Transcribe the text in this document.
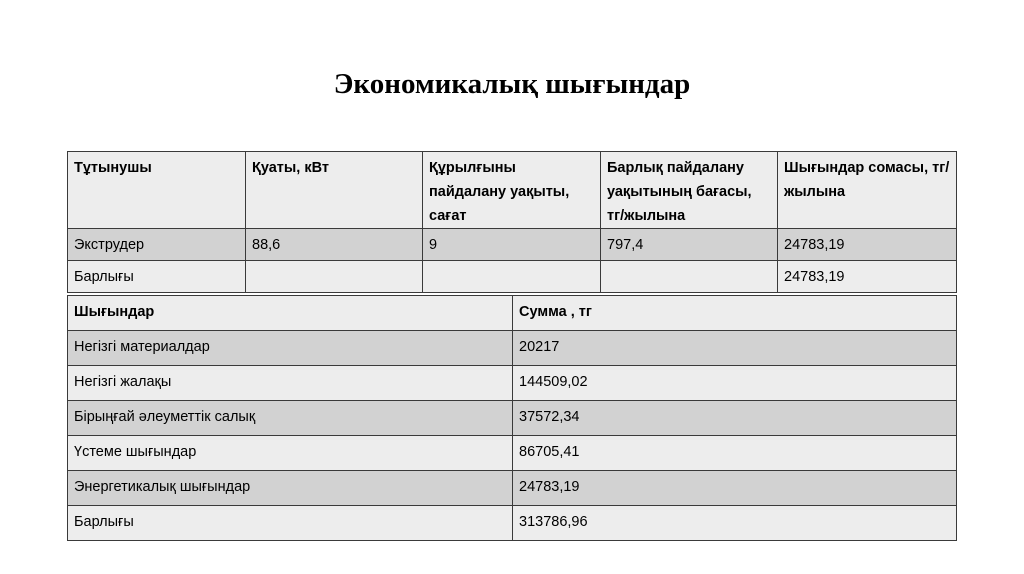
Экономикалық шығындар
Тұтынушы	Қуаты, кВт	Құрылғыны пайдалану уақыты, сағат	Барлық пайдалану уақытының бағасы, тг/жылына	Шығындар сомасы, тг/жылына
Экструдер	88,6	9	797,4	24783,19
Барлығы				24783,19
Шығындар	Сумма , тг
Негізгі материалдар	20217
Негізгі жалақы	144509,02
Бірыңғай әлеуметтік салық	37572,34
Үстеме шығындар	86705,41
Энергетикалық шығындар	24783,19
Барлығы	313786,96
